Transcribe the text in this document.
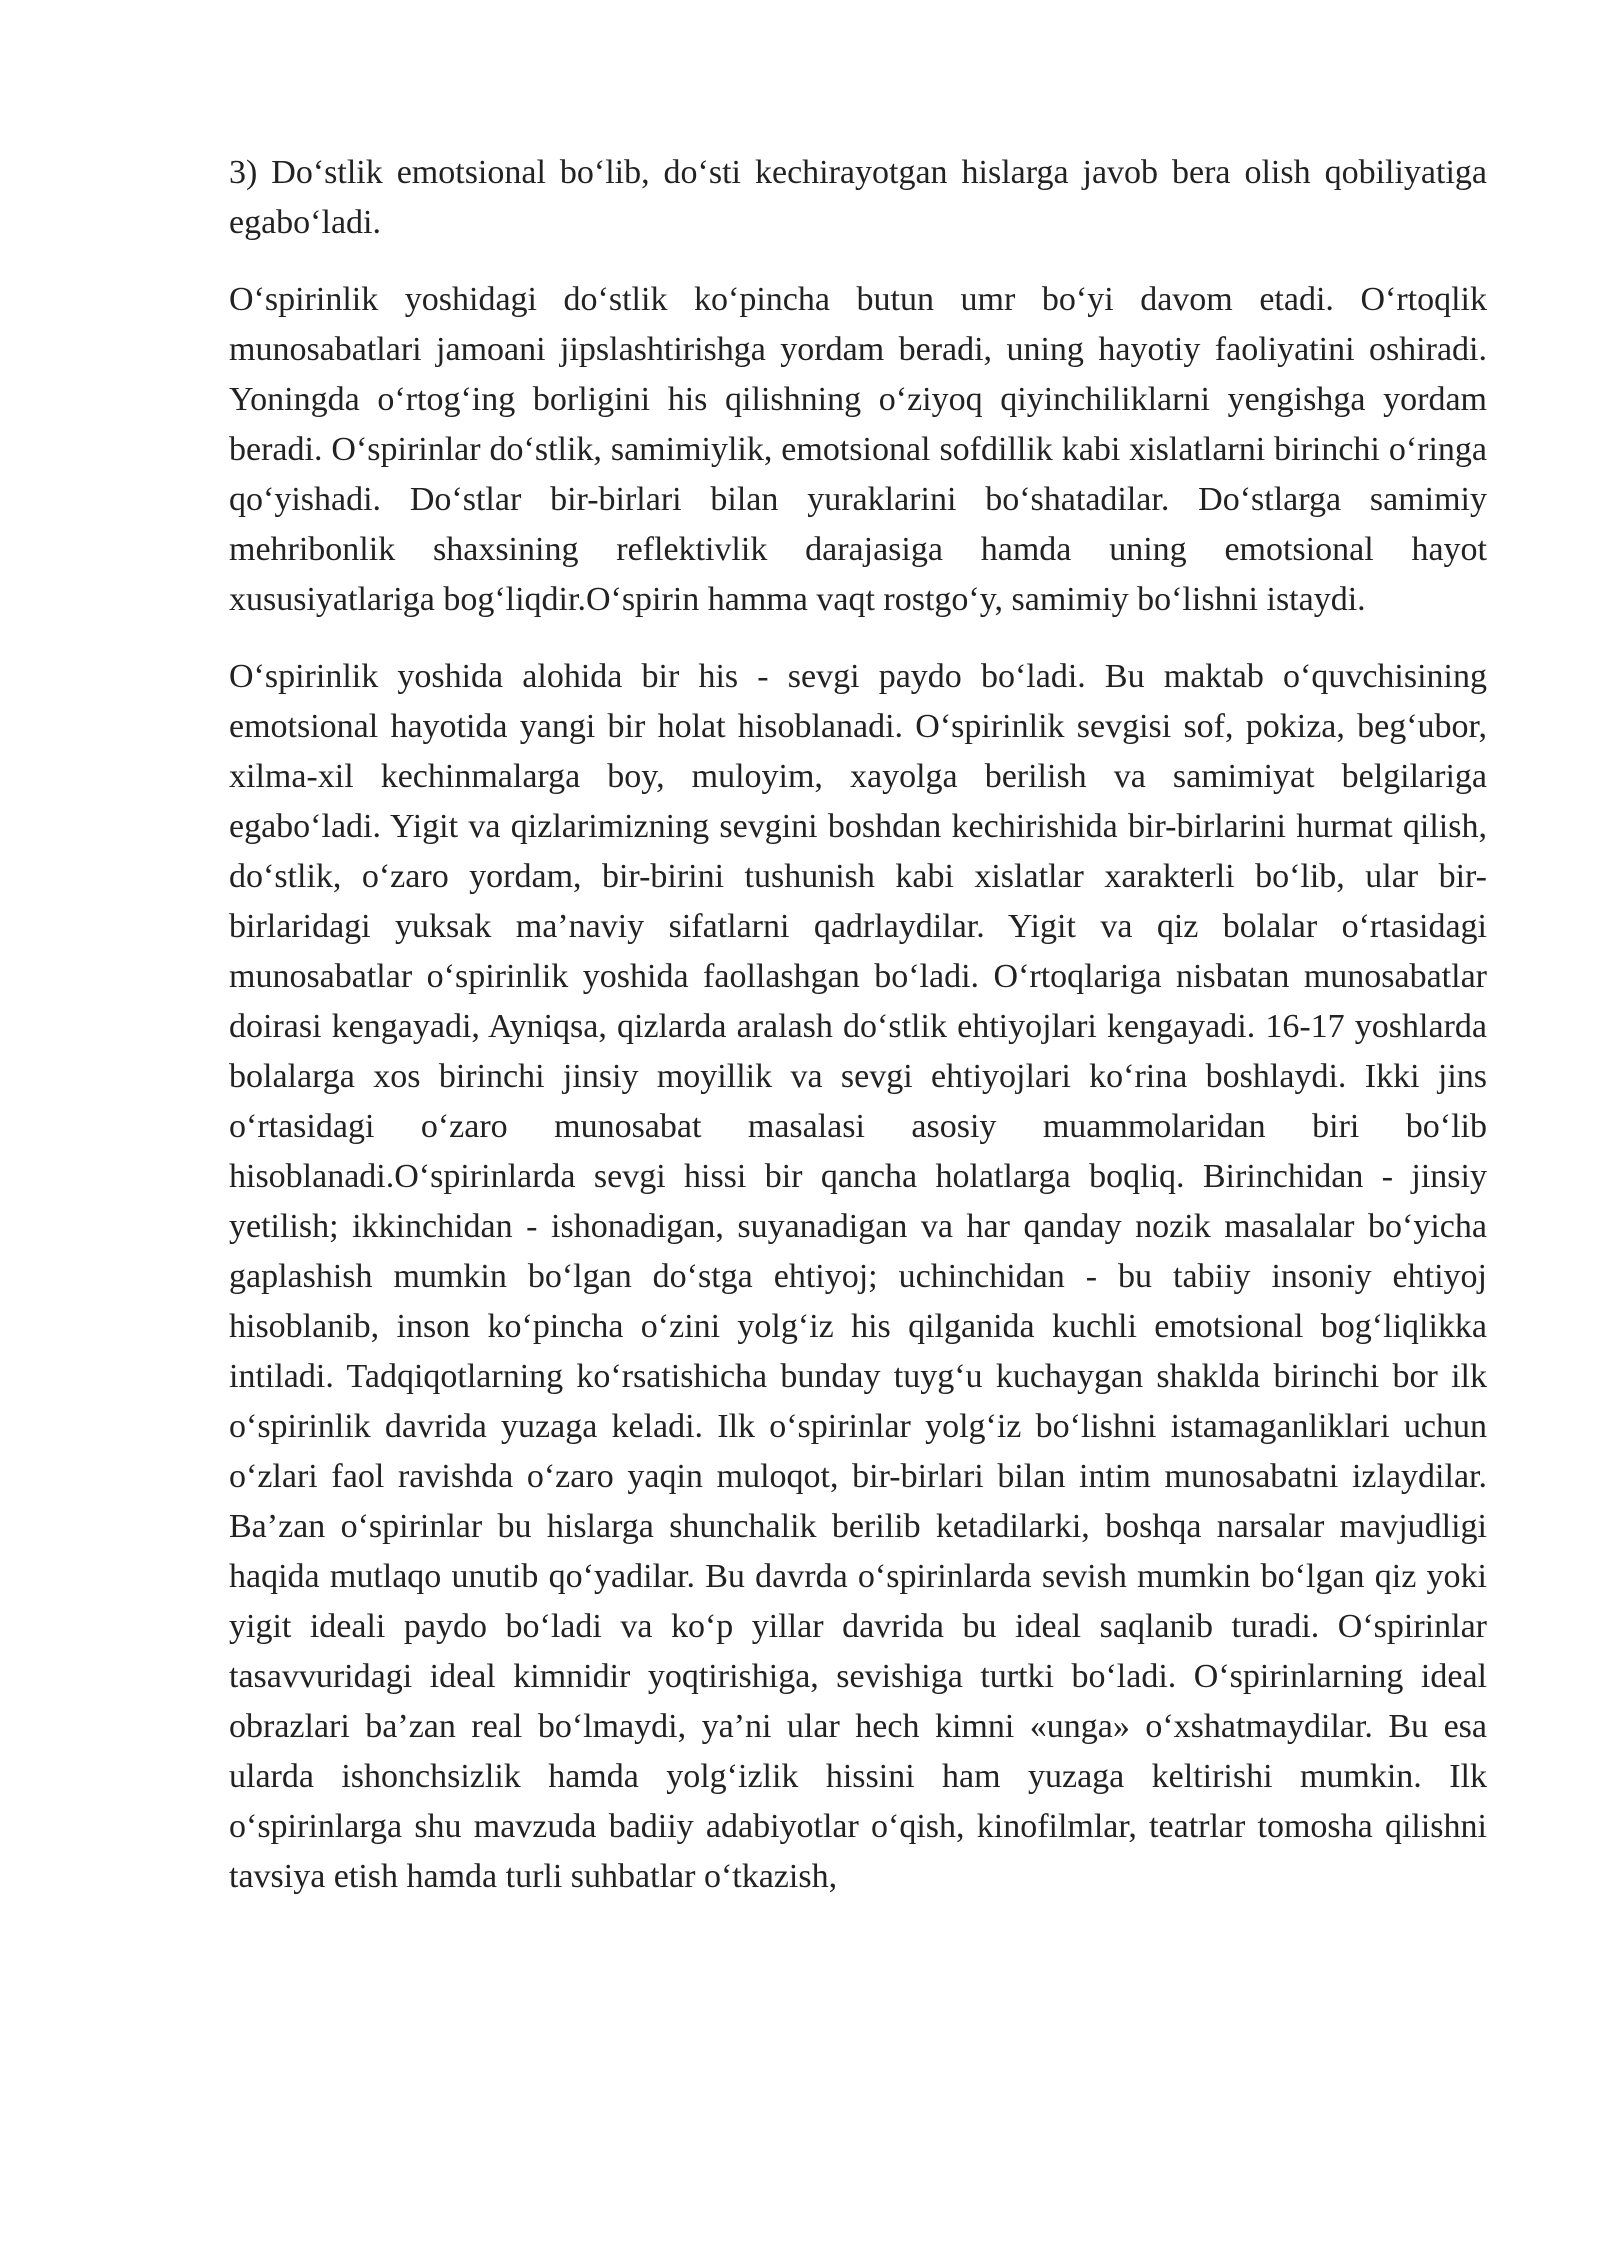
3) Do‘stlik emotsional bo‘lib, do‘sti kechirayotgan hislarga javob bera olish qobiliyatiga egabo‘ladi.

O‘spirinlik yoshidagi do‘stlik ko‘pincha butun umr bo‘yi davom etadi. O‘rtoqlik munosabatlari jamoani jipslashtirishga yordam beradi, uning hayotiy faoliyatini oshiradi. Yoningda o‘rtog‘ing borligini his qilishning o‘ziyoq qiyinchiliklarni yengishga yordam beradi. O‘spirinlar do‘stlik, samimiylik, emotsional sofdillik kabi xislatlarni birinchi o‘ringa qo‘yishadi. Do‘stlar bir-birlari bilan yuraklarini bo‘shatadilar. Do‘stlarga samimiy mehribonlik shaxsining reflektivlik darajasiga hamda uning emotsional hayot xususiyatlariga bog‘liqdir.O‘spirin hamma vaqt rostgo‘y, samimiy bo‘lishni istaydi.

O‘spirinlik yoshida alohida bir his - sevgi paydo bo‘ladi. Bu maktab o‘quvchisining emotsional hayotida yangi bir holat hisoblanadi. O‘spirinlik sevgisi sof, pokiza, beg‘ubor, xilma-xil kechinmalarga boy, muloyim, xayolga berilish va samimiyat belgilariga egabo‘ladi. Yigit va qizlarimizning sevgini boshdan kechirishida bir-birlarini hurmat qilish, do‘stlik, o‘zaro yordam, bir-birini tushunish kabi xislatlar xarakterli bo‘lib, ular bir-birlaridagi yuksak ma’naviy sifatlarni qadrlaydilar. Yigit va qiz bolalar o‘rtasidagi munosabatlar o‘spirinlik yoshida faollashgan bo‘ladi. O‘rtoqlariga nisbatan munosabatlar doirasi kengayadi, Ayniqsa, qizlarda aralash do‘stlik ehtiyojlari kengayadi. 16-17 yoshlarda bolalarga xos birinchi jinsiy moyillik va sevgi ehtiyojlari ko‘rina boshlaydi. Ikki jins o‘rtasidagi o‘zaro munosabat masalasi asosiy muammolaridan biri bo‘lib hisoblanadi.O‘spirinlarda sevgi hissi bir qancha holatlarga boqliq. Birinchidan - jinsiy yetilish; ikkinchidan - ishonadigan, suyanadigan va har qanday nozik masalalar bo‘yicha gaplashish mumkin bo‘lgan do‘stga ehtiyoj; uchinchidan - bu tabiiy insoniy ehtiyoj hisoblanib, inson ko‘pincha o‘zini yolg‘iz his qilganida kuchli emotsional bog‘liqlikka intiladi. Tadqiqotlarning ko‘rsatishicha bunday tuyg‘u kuchaygan shaklda birinchi bor ilk o‘spirinlik davrida yuzaga keladi. Ilk o‘spirinlar yolg‘iz bo‘lishni istamaganliklari uchun o‘zlari faol ravishda o‘zaro yaqin muloqot, bir-birlari bilan intim munosabatni izlaydilar. Ba’zan o‘spirinlar bu hislarga shunchalik berilib ketadilarki, boshqa narsalar mavjudligi haqida mutlaqo unutib qo‘yadilar. Bu davrda o‘spirinlarda sevish mumkin bo‘lgan qiz yoki yigit ideali paydo bo‘ladi va ko‘p yillar davrida bu ideal saqlanib turadi. O‘spirinlar tasavvuridagi ideal kimnidir yoqtirishiga, sevishiga turtki bo‘ladi. O‘spirinlarning ideal obrazlari ba’zan real bo‘lmaydi, ya’ni ular hech kimni «unga» o‘xshatmaydilar. Bu esa ularda ishonchsizlik hamda yolg‘izlik hissini ham yuzaga keltirishi mumkin. Ilk o‘spirinlarga shu mavzuda badiiy adabiyotlar o‘qish, kinofilmlar, teatrlar tomosha qilishni tavsiya etish hamda turli suhbatlar o‘tkazish,
